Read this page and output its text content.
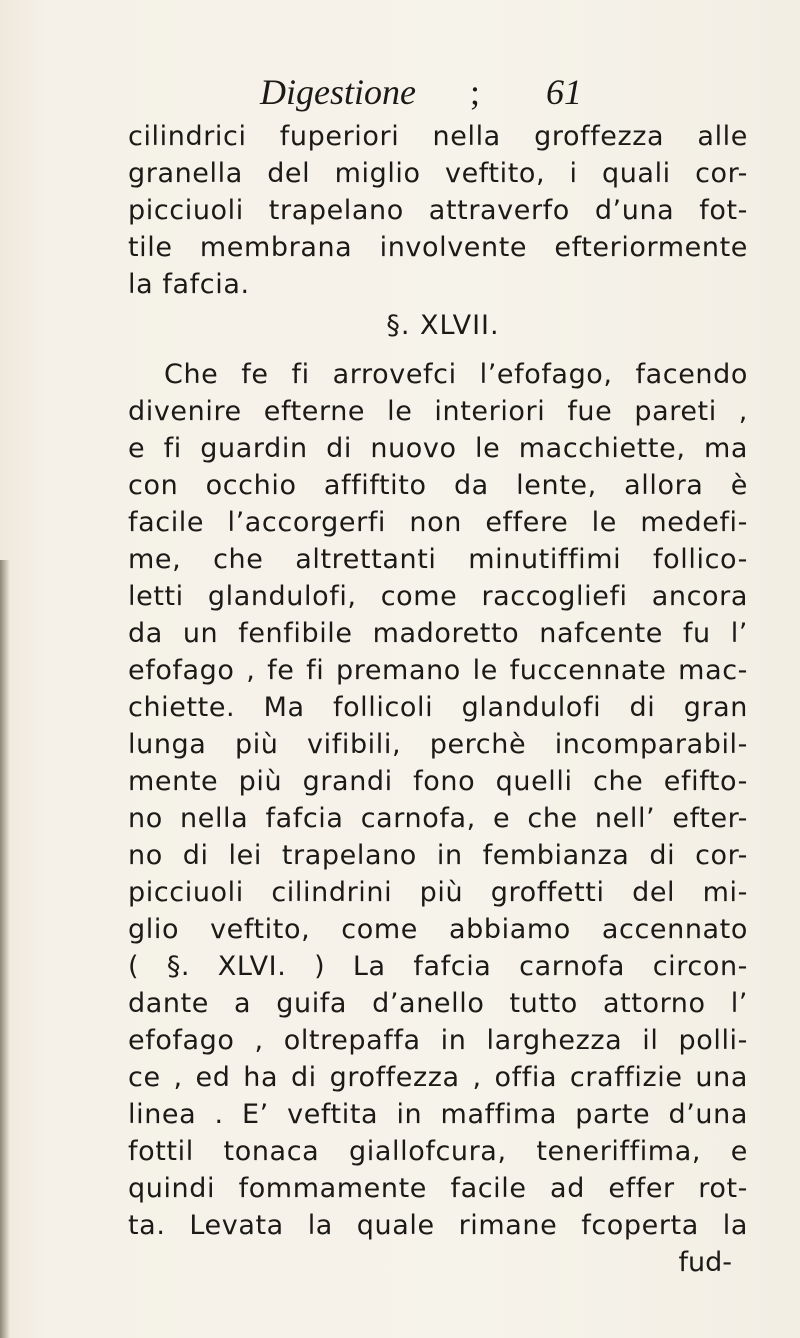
Digestione ; 61
cilindrici fuperiori nella groffezza alle
granella del miglio veftito, i quali cor-
picciuoli trapelano attraverfo d’una fot-
tile membrana involvente efteriormente
la fafcia.
§. XLVII.
Che fe fi arrovefci l’efofago, facendo
divenire efterne le interiori fue pareti ,
e fi guardin di nuovo le macchiette, ma
con occhio affiftito da lente, allora è
facile l’accorgerfi non effere le medefi-
me, che altrettanti minutiffimi follico-
letti glandulofi, come raccogliefi ancora
da un fenfibile madoretto nafcente fu l’
efofago , fe fi premano le fuccennate mac-
chiette. Ma follicoli glandulofi di gran
lunga più vifibili, perchè incomparabil-
mente più grandi fono quelli che efifto-
no nella fafcia carnofa, e che nell’ efter-
no di lei trapelano in fembianza di cor-
picciuoli cilindrini più groffetti del mi-
glio veftito, come abbiamo accennato
( §. XLVI. ) La fafcia carnofa circon-
dante a guifa d’anello tutto attorno l’
efofago , oltrepaffa in larghezza il polli-
ce , ed ha di groffezza , offia craffizie una
linea . E’ veftita in maffima parte d’una
fottil tonaca giallofcura, teneriffima, e
quindi fommamente facile ad effer rot-
ta. Levata la quale rimane fcoperta la
fud-
